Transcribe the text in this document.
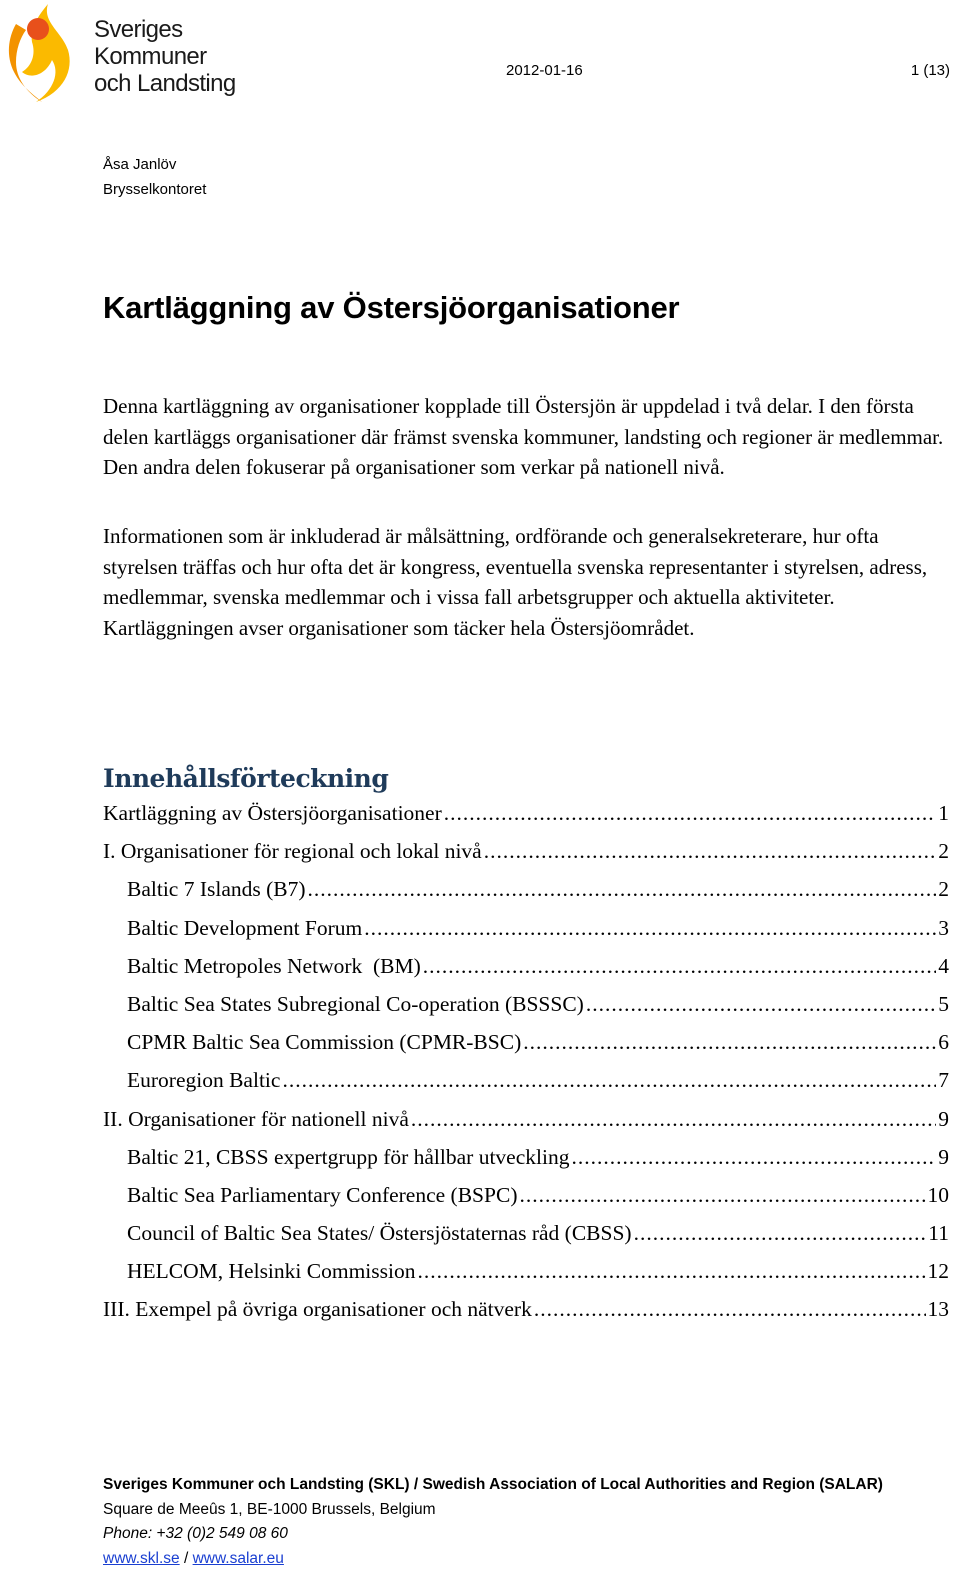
Sveriges
Kommuner
och Landsting	2012-01-16	1 (13)
Åsa Janlöv
Brysselkontoret
Kartläggning av Östersjöorganisationer

Denna kartläggning av organisationer kopplade till Östersjön är uppdelad i två delar. I den första delen kartläggs organisationer där främst svenska kommuner, landsting och regioner är medlemmar. Den andra delen fokuserar på organisationer som verkar på nationell nivå.

Informationen som är inkluderad är målsättning, ordförande och generalsekreterare, hur ofta styrelsen träffas och hur ofta det är kongress, eventuella svenska representanter i styrelsen, adress, medlemmar, svenska medlemmar och i vissa fall arbetsgrupper och aktuella aktiviteter. Kartläggningen avser organisationer som täcker hela Östersjöområdet.

Innehållsförteckning
Kartläggning av Östersjöorganisationer .....	1
I. Organisationer för regional och lokal nivå .....	2
Baltic 7 Islands (B7) .....	2
Baltic Development Forum .....	3
Baltic Metropoles Network  (BM) .....	4
Baltic Sea States Subregional Co-operation (BSSSC) .....	5
CPMR Baltic Sea Commission (CPMR-BSC) .....	6
Euroregion Baltic .....	7
II. Organisationer för nationell nivå .....	9
Baltic 21, CBSS expertgrupp för hållbar utveckling .....	9
Baltic Sea Parliamentary Conference (BSPC) .....	10
Council of Baltic Sea States/ Östersjöstaternas råd (CBSS) .....	11
HELCOM, Helsinki Commission .....	12
III. Exempel på övriga organisationer och nätverk .....	13
Sveriges Kommuner och Landsting (SKL) / Swedish Association of Local Authorities and Region (SALAR)
Square de Meeûs 1, BE-1000 Brussels, Belgium
Phone: +32 (0)2 549 08 60
www.skl.se / www.salar.eu
